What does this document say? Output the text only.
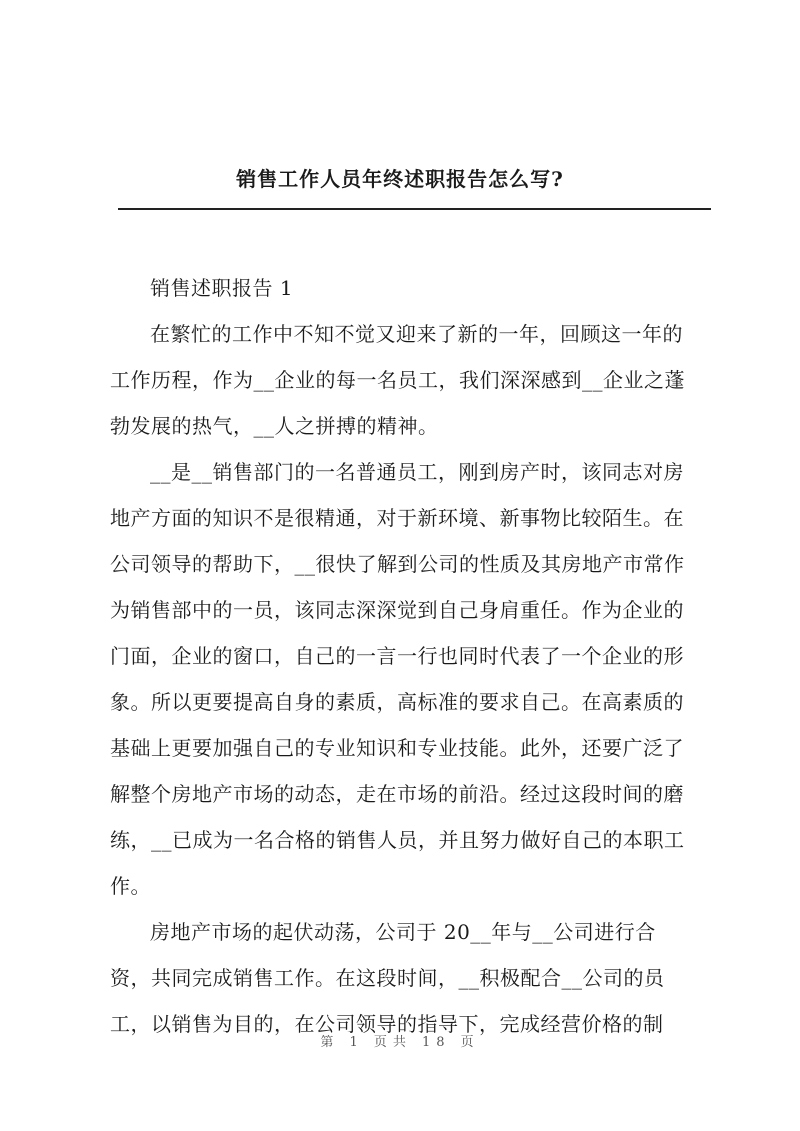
销售工作人员年终述职报告怎么写?

销售述职报告 1

在繁忙的工作中不知不觉又迎来了新的一年，回顾这一年的

工作历程，作为__企业的每一名员工，我们深深感到__企业之蓬

勃发展的热气，__人之拼搏的精神。

__是__销售部门的一名普通员工，刚到房产时，该同志对房

地产方面的知识不是很精通，对于新环境、新事物比较陌生。在

公司领导的帮助下，__很快了解到公司的性质及其房地产市常作

为销售部中的一员，该同志深深觉到自己身肩重任。作为企业的

门面，企业的窗口，自己的一言一行也同时代表了一个企业的形

象。所以更要提高自身的素质，高标准的要求自己。在高素质的

基础上更要加强自己的专业知识和专业技能。此外，还要广泛了

解整个房地产市场的动态，走在市场的前沿。经过这段时间的磨

练，__已成为一名合格的销售人员，并且努力做好自己的本职工

作。

房地产市场的起伏动荡，公司于 20__年与__公司进行合

资，共同完成销售工作。在这段时间，__积极配合__公司的员

工，以销售为目的，在公司领导的指导下，完成经营价格的制

第 1 页共 18 页
